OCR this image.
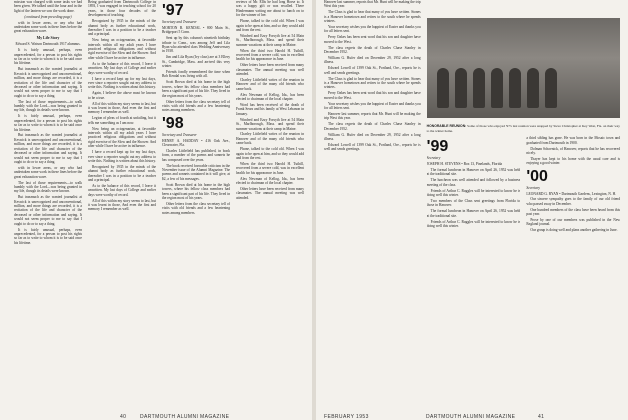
mission was charged with some tasks we had been given. We talked until the hour and in the light of the lantern we saw the work done.

(continued from preceding page)

with in lower areas, or any who had undertaken some work in these lines before the great exhaustion wave.

My Life Story

Edward S. Watson Dartmouth 1917 alumnus.

It is fairly unusual, perhaps, even unprecedented, for a person to post his rights so far as to write to whom it is to be said once his lifetime.

But inasmuch as the wanted journalist at Keswick is unrecognized and unconventional, million, and more things are recorded, it is a recitation of the life and character of the deceased or other information and saying. It would not seem proper to me to say that I ought to do or to say a thing.

The last of those requirements—to walk humbly with the Lord—was being granted in my life, though its details were known.

It is fairly unusual, perhaps, even unprecedented, for a person to post his rights so far as to write to whom it is to be said once his lifetime.

But inasmuch as the wanted journalist at Keswick is unrecognized and unconventional, million, and more things are recorded, it is a recitation of the life and character of the deceased or other information and saying. It would not seem proper to me to say that I ought to do or to say a thing.

with in lower areas, or any who had undertaken some work in these lines before the great exhaustion wave.

The last of those requirements—to walk humbly with the Lord—was being granted in my life, though its details were known.

But inasmuch as the wanted journalist at Keswick is unrecognized and unconventional, million, and more things are recorded, it is a recitation of the life and character of the deceased or other information and saying. It would not seem proper to me to say that I ought to do or to say a thing.

It is fairly unusual, perhaps, even unprecedented, for a person to post his rights so far as to write to whom it is to be said once his lifetime.

Being graduated from Dartmouth College in 1893, I was engaged in teaching school for 20 years, in those four decades of the development of teaching.

Recognized by 1935 in the minds of the alumni body as further educational work, thereafter I was in a position to be a teacher and a principal.

Now being an octogenarian, at favorable intervals within all my adult years I have practiced religious obligations and without rigid exercise of the Slow and the Shower. And after while I have be active in influence.

As to the balance of this record, I leave it unwritten. My last days of College and earlier days were worthy of record.

I have a record kept up for my last days, ever since a reporter sought out my address to write this. Nothing is written about this history.

Again, I believe the above must be known to be a true.

All of this within my story seems to last, but it was learnt in those, And even the first and memory I remember as well.

Legion of pleas of fourth at unfailing, but it tells me something as I am now.

Now being an octogenarian, at favorable intervals within all my adult years I have practiced religious obligations and without rigid exercise of the Slow and the Shower. And after while I have be active in influence.

I have a record kept up for my last days, ever since a reporter sought out my address to write this. Nothing is written about this history.

Recognized by 1935 in the minds of the alumni body as further educational work, thereafter I was in a position to be a teacher and a principal.

As to the balance of this record, I leave it unwritten. My last days of College and earlier days were worthy of record.

All of this within my story seems to last, but it was learnt in those, And even the first and memory I remember as well.

'97

Secretary and Treasurer

MORTON B. KENDAL • 800 Main St., Bridgeport 5 Conn.

Sent up by this column's ninetieth birthday tribute to Conn., was among Jeff and Lila Ryan who attended class Wedding Anniversary in 1938.

Jim and Lila Ryan (Ivy class) are at 3 Ellery St., Cambridge, Mass. and arrived this very winter.

Friends fondly remembered the time when Bob Kendal was living with all.

Scott Brown died at his home in the high towers, where his fellow class members had been a significant part of his life. They lived in the region most of his years.

Other letters from the class secretary tell of visits with old friends and a few heartening notes among members.

'98

Secretary and Treasurer

HENRY A. HADDAY • 416 Oak Ave., Clearwater, Fla.

Charles Littlefield has published, in book form, a number of the poems and sonnets he has composed over the years.

The book received favorable criticism in the November issue of the Alumni Magazine. The poems and sonnets contained in it will give, at $2, a few of his messages.

Scott Brown died at his home in the high towers, where his fellow class members had been a significant part of his life. They lived in the region most of his years.

Other letters from the class secretary tell of visits with old friends and a few heartening notes among members.

reviews of Mr. Ellis he had long Horse to. It was a happy gift or was recalled. There Hindermann writing me about to lunch on to for the winner of her.

Phone, talked to the cold old. When I was again to be open at him, and so they would add and from the rest.

Windred and Ezzy Forsyth live at 54 Main St., Marlborough, Mass. and spend their summer vacations at their camp in Maine.

When the third two Harold H. Tuthill, recovered from a severe cold, was in excellent health for his appearance in June.

Other letters have been received from many classmates. The annual meeting was well attended.

Charley Littlefield writes of the reunion in Hanover and of the many old friends who came back.

Alex Newman of Kellog, Ida., has been elected to chairman of the local chapter.

Word has been received of the death of Frank Sears and his family at West Lebanon in January.

Windred and Ezzy Forsyth live at 54 Main St., Marlborough, Mass. and spend their summer vacations at their camp in Maine.

Charley Littlefield writes of the reunion in Hanover and of the many old friends who came back.

Phone, talked to the cold old. When I was again to be open at him, and so they would add and from the rest.

When the third two Harold H. Tuthill, recovered from a severe cold, was in excellent health for his appearance in June.

Alex Newman of Kellog, Ida., has been elected to chairman of the local chapter.

Other letters have been received from many classmates. The annual meeting was well attended.

40	DARTMOUTH ALUMNI MAGAZINE

Hanover last summer, reports that Mr. Hunt will be making the trip West this year.

The Class is glad to hear that many of you have written. Stones is a Hanover hometown and retires to the south where he spends winters.

Your secretary wishes you the happiest of Easter and thanks you for all letters sent.

Perry Oakes has been sent word that his son and daughter have moved to the West.

The class regrets the death of Charles Chase Stanley in December 1952.

William G. Hufer died on December 29, 1952 after a long illness.

Edward Lowell of 1399 Oak St., Portland, Ore., reports he is well and sends greetings.

The Class is glad to hear that many of you have written. Stones is a Hanover hometown and retires to the south where he spends winters.

Perry Oakes has been sent word that his son and daughter have moved to the West.

Your secretary wishes you the happiest of Easter and thanks you for all letters sent.

Hanover last summer, reports that Mr. Hunt will be making the trip West this year.

The class regrets the death of Charles Chase Stanley in December 1952.

William G. Hufer died on December 29, 1952 after a long illness.

Edward Lowell of 1399 Oak St., Portland, Ore., reports he is well and sends greetings.

HONORABLE REUNION: Some of those who enjoyed '97's last reunion were snapped by Steve Christopher at Key West, Fla. on their way to the winter home.

'99

Secretary

JOSEPH H. STEVENS • Box 13, Pinelands, Florida

The formal luncheon in Hanover on April 26, 1952 was held at the traditional site.

The luncheon was well attended and followed by a business meeting of the class.

Friends of Arthur C. Ruggles will be interested to know he is doing well this winter.

Two members of the Class sent greetings from Florida to those in Hanover.

The formal luncheon in Hanover on April 26, 1952 was held at the traditional site.

Friends of Arthur C. Ruggles will be interested to know he is doing well this winter.

a third sibling has gone. He was born in the Mosaic town and graduated from Dartmouth in 1900.

Dolman Schoenick, of Hanover, reports that he has recovered nicely.

Thayer has kept to his home with the usual care and is enjoying a good winter.

'00

Secretary

LEONARD G. RYAN • Dartmouth Gardens, Lexington, N. H.

Our sincere sympathy goes to the family of our old friend who passed away in December.

One hundred members of the class have been heard from this past year.

Prose by one of our members was published in the New England journal.

Our group is doing well and plans another gathering in June.

FEBRUARY 1953	DARTMOUTH ALUMNI MAGAZINE	41
